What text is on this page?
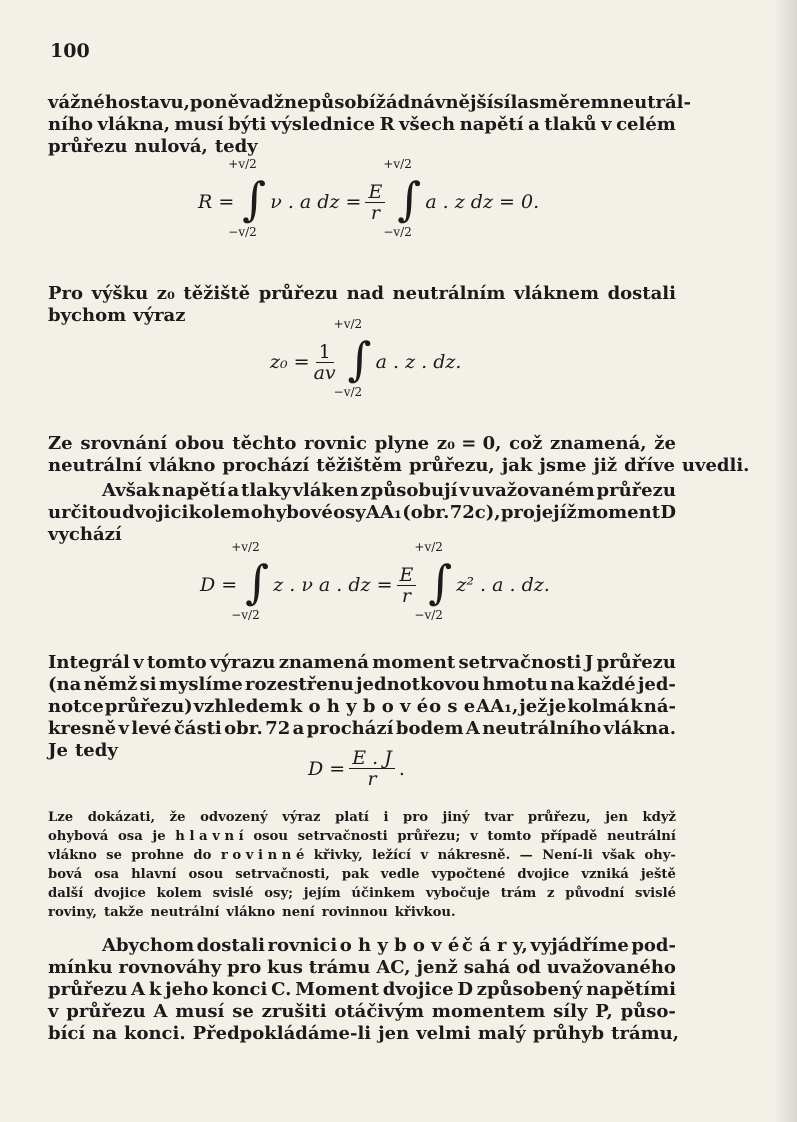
100
vážného stavu, poněvadž nepůsobí žádná vnější síla směrem neutrál-
ního vlákna, musí býti výslednice R všech napětí a tlaků v celém
průřezu nulová, tedy
R =
+v/2
∫
−v/2
ν . a dz = $\frac{E}{r}$
+v/2
∫
−v/2
a . z dz = 0.
Pro výšku z₀ těžiště průřezu nad neutrálním vláknem dostali
bychom výraz
$z_0 = \frac{1}{av}$
+v/2
∫
−v/2
a . z . dz.
Ze srovnání obou těchto rovnic plyne z₀ = 0, což znamená, že
neutrální vlákno prochází těžištěm průřezu, jak jsme již dříve uvedli.
Avšak napětí a tlaky vláken způsobují v uvažovaném průřezu
určitou dvojici kolem ohybové osy AA₁ (obr. 72c), pro jejíž moment D
vychází
D =
+v/2
∫
−v/2
z . ν a . dz = $\frac{E}{r}$
+v/2
∫
−v/2
z² . a . dz.
Integrál v tomto výrazu znamená moment setrvačnosti J průřezu
(na němž si myslíme rozestřenu jednotkovou hmotu na každé jed-
notce průřezu) vzhledem k o h y b o v é o s e AA₁, jež je kolmá k ná-
kresně v levé části obr. 72 a prochází bodem A neutrálního vlákna.
Je tedy
$D = \frac{E . J}{r}$ .
Lze dokázati, že odvozený výraz platí i pro jiný tvar průřezu, jen když
ohybová osa je h l a v n í osou setrvačnosti průřezu; v tomto případě neutrální
vlákno se prohne do r o v i n n é křivky, ležící v nákresně. — Není-li však ohy-
bová osa hlavní osou setrvačnosti, pak vedle vypočtené dvojice vzniká ještě
další dvojice kolem svislé osy; jejím účinkem vybočuje trám z původní svislé
roviny, takže neutrální vlákno není rovinnou křivkou.
Abychom dostali rovnici o h y b o v é č á r y, vyjádříme pod-
mínku rovnováhy pro kus trámu AC, jenž sahá od uvažovaného
průřezu A k jeho konci C. Moment dvojice D způsobený napětími
v průřezu A musí se zrušiti otáčivým momentem síly P, půso-
bící na konci. Předpokládáme-li jen velmi malý průhyb trámu,
